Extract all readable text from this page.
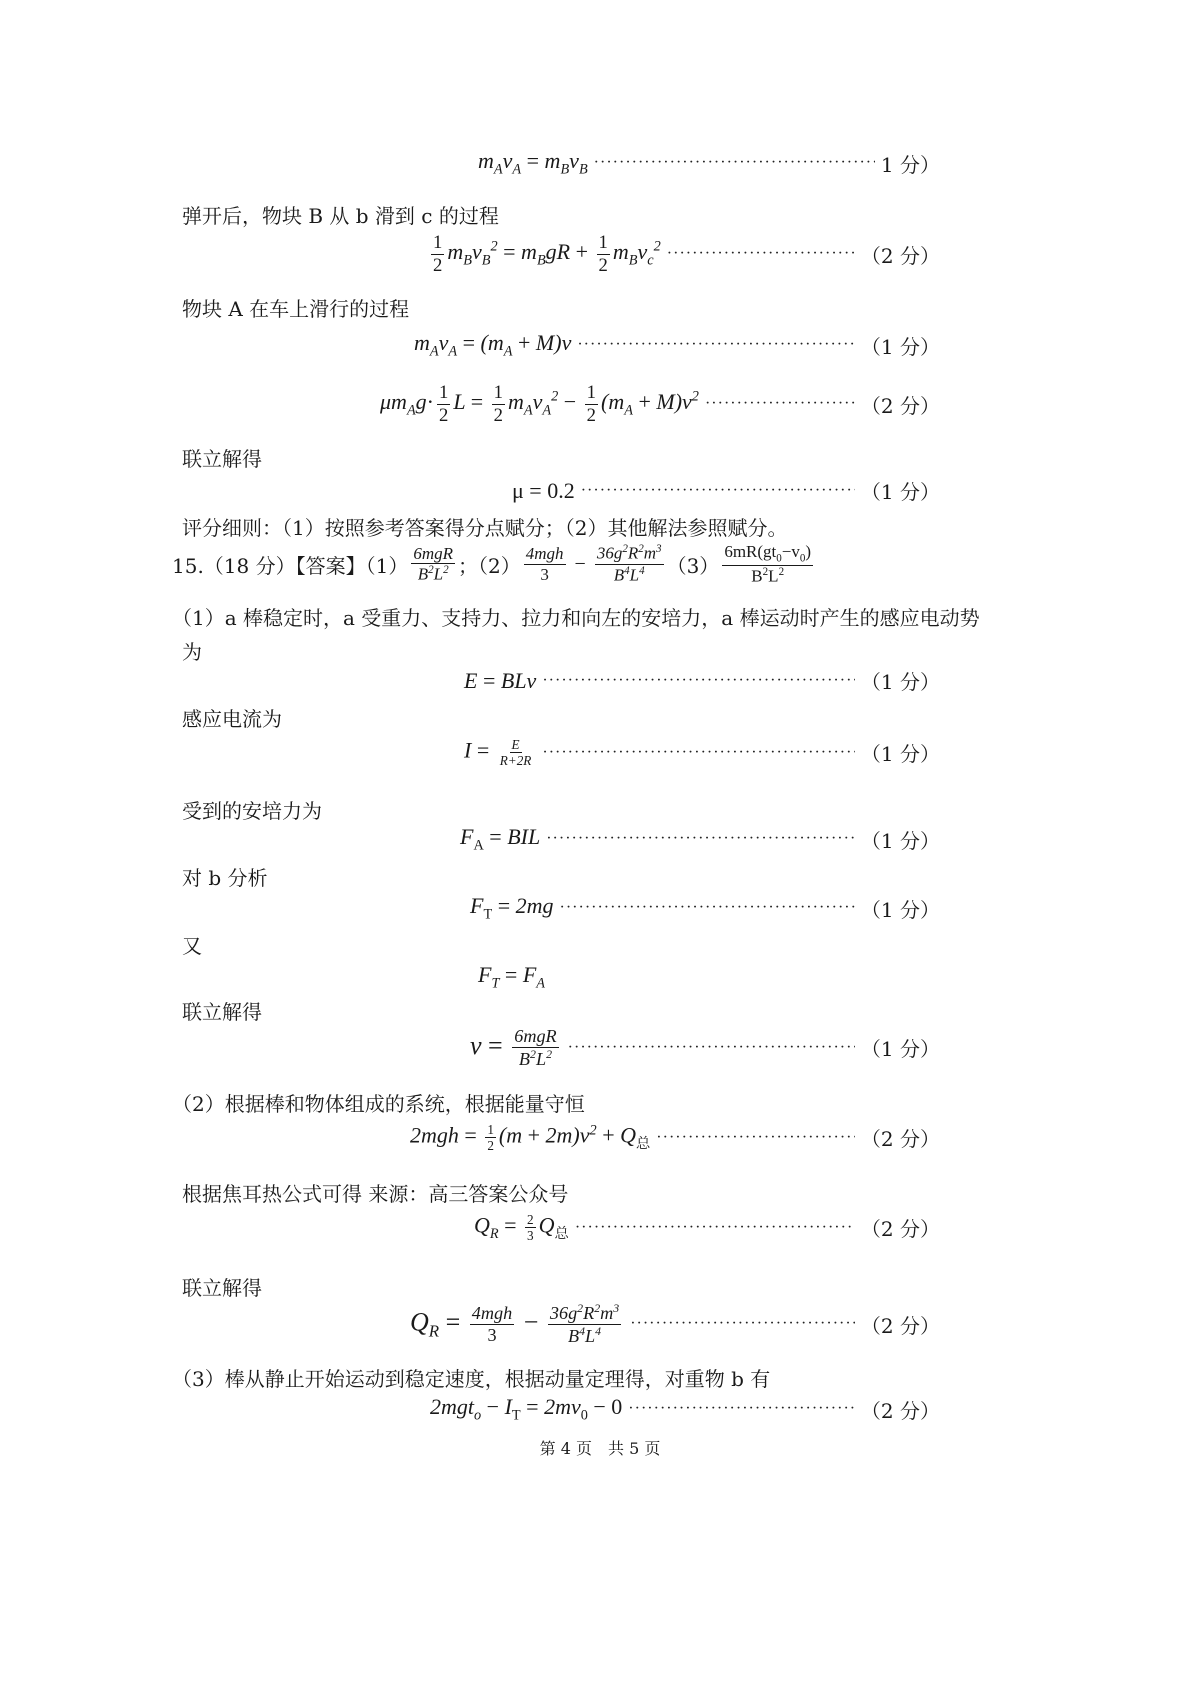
$m_Av_A = m_Bv_B$ ·····	1 分）
弹开后，物块 B 从 b 滑到 c 的过程
$\frac{1}{2} m_Bv_B^2 = m_BgR + \frac{1}{2} m_Bv_c^2$ ·····	（2 分）
物块 A 在车上滑行的过程
$m_Av_A = (m_A + M)v$ ·····	（1 分）
$\mu m_Ag\cdot \frac{1}{2}$ $L = \frac{1}{2} m_Av_A^2 - \frac{1}{2} (m_A + M)v^2$ ·····	（2 分）
联立解得
μ = 0.2 ·····	（1 分）
评分细则：（1）按照参考答案得分点赋分；（2）其他解法参照赋分。
15.（18 分）【答案】$(1) \frac{\text{6mgR}}{B^2L^2}$ ；$(2) \frac{\text{4mgh}}{3} - \frac{36g^2R^2m^3}{B^4L^4} (3) \frac{6mR(gt_0-v_0)}{B^2L^2}$
（1）a 棒稳定时，a 受重力、支持力、拉力和向左的安培力，a 棒运动时产生的感应电动势
为
E = BLv ·····	（1 分）
感应电流为
$I = \frac{E}{R+2R}$ ·····	（1 分）
受到的安培力为
$F_A$ = BIL ·····	（1 分）
对 b 分析
$F_T = 2mg$ ·····	（1 分）
又
$F_T = F_A$
联立解得
$v = \frac{\text{6mgR}}{B^2L^2}$ ·····	（1 分）
（2）根据棒和物体组成的系统，根据能量守恒
$2mgh = \frac{1}{2} (m + 2m)v^2 + Q_总$ ·····	（2 分）
根据焦耳热公式可得 来源：高三答案公众号
$Q_R = \frac{2}{3} Q_总$ ·····	（2 分）
联立解得
$Q_R = \frac{\text{4mgh}}{3} - \frac{36g^2R^2m^3}{B^4L^4}$ ·····	（2 分）
（3）棒从静止开始运动到稳定速度，根据动量定理得，对重物 b 有
$2mgt_o - I_T = 2mv_0 - 0$ ·····	（2 分）
第 4 页　共 5 页
